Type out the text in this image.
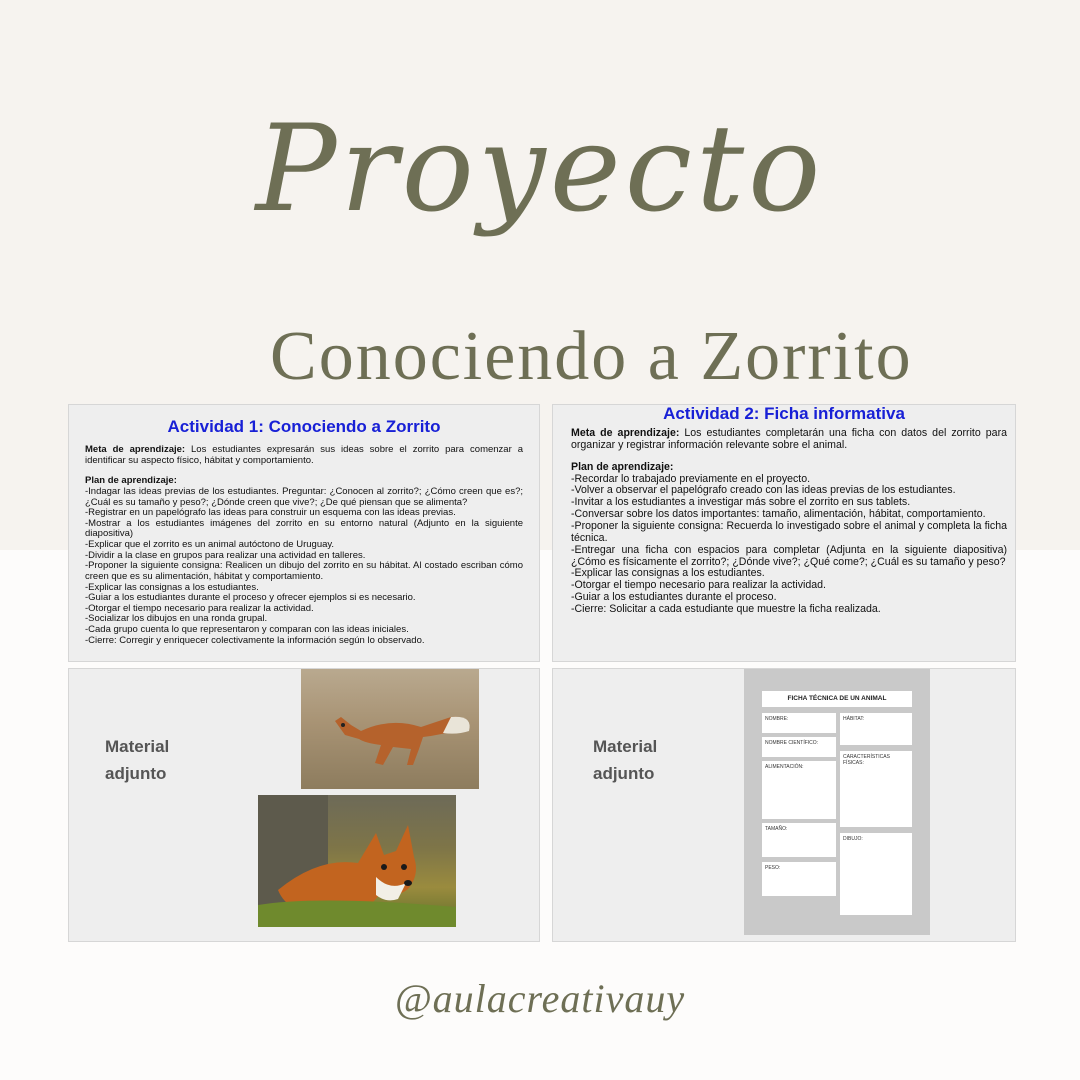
Proyecto
Conociendo a Zorrito
Actividad 1: Conociendo a Zorrito

Meta de aprendizaje: Los estudiantes expresarán sus ideas sobre el zorrito para comenzar a identificar su aspecto físico, hábitat y comportamiento.

Plan de aprendizaje:

-Indagar las ideas previas de los estudiantes. Preguntar: ¿Conocen al zorrito?; ¿Cómo creen que es?; ¿Cuál es su tamaño y peso?; ¿Dónde creen que vive?; ¿De qué piensan que se alimenta?

-Registrar en un papelógrafo las ideas para construir un esquema con las ideas previas.

-Mostrar a los estudiantes imágenes del zorrito en su entorno natural (Adjunto en la siguiente diapositiva)

-Explicar que el zorrito es un animal autóctono de Uruguay.

-Dividir a la clase en grupos para realizar una actividad en talleres.

-Proponer la siguiente consigna: Realicen un dibujo del zorrito en su hábitat. Al costado escriban cómo creen que es su alimentación, hábitat y comportamiento.

-Explicar las consignas a los estudiantes.

-Guiar a los estudiantes durante el proceso y ofrecer ejemplos si es necesario.

-Otorgar el tiempo necesario para realizar la actividad.

-Socializar los dibujos en una ronda grupal.

-Cada grupo cuenta lo que representaron y comparan con las ideas iniciales.

-Cierre: Corregir y enriquecer colectivamente la información según lo observado.

Actividad 2: Ficha informativa

Meta de aprendizaje: Los estudiantes completarán una ficha con datos del zorrito para organizar y registrar información relevante sobre el animal.

Plan de aprendizaje:

-Recordar lo trabajado previamente en el proyecto.

-Volver a observar el papelógrafo creado con las ideas previas de los estudiantes.

-Invitar a los estudiantes a investigar más sobre el zorrito en sus tablets.

-Conversar sobre los datos importantes: tamaño, alimentación, hábitat, comportamiento.

-Proponer la siguiente consigna: Recuerda lo investigado sobre el animal y completa la ficha técnica.

-Entregar una ficha con espacios para completar (Adjunta en la siguiente diapositiva) ¿Cómo es físicamente el zorrito?; ¿Dónde vive?; ¿Qué come?; ¿Cuál es su tamaño y peso?

-Explicar las consignas a los estudiantes.

-Otorgar el tiempo necesario para realizar la actividad.

-Guiar a los estudiantes durante el proceso.

-Cierre: Solicitar a cada estudiante que muestre la ficha realizada.

Material
adjunto
Material
adjunto
FICHA TÉCNICA DE UN ANIMAL
NOMBRE:	HÁBITAT:
NOMBRE CIENTÍFICO:
CARACTERÍSTICAS FÍSICAS:
ALIMENTACIÓN:
TAMAÑO:
DIBUJO:
PESO:
@aulacreativauy
